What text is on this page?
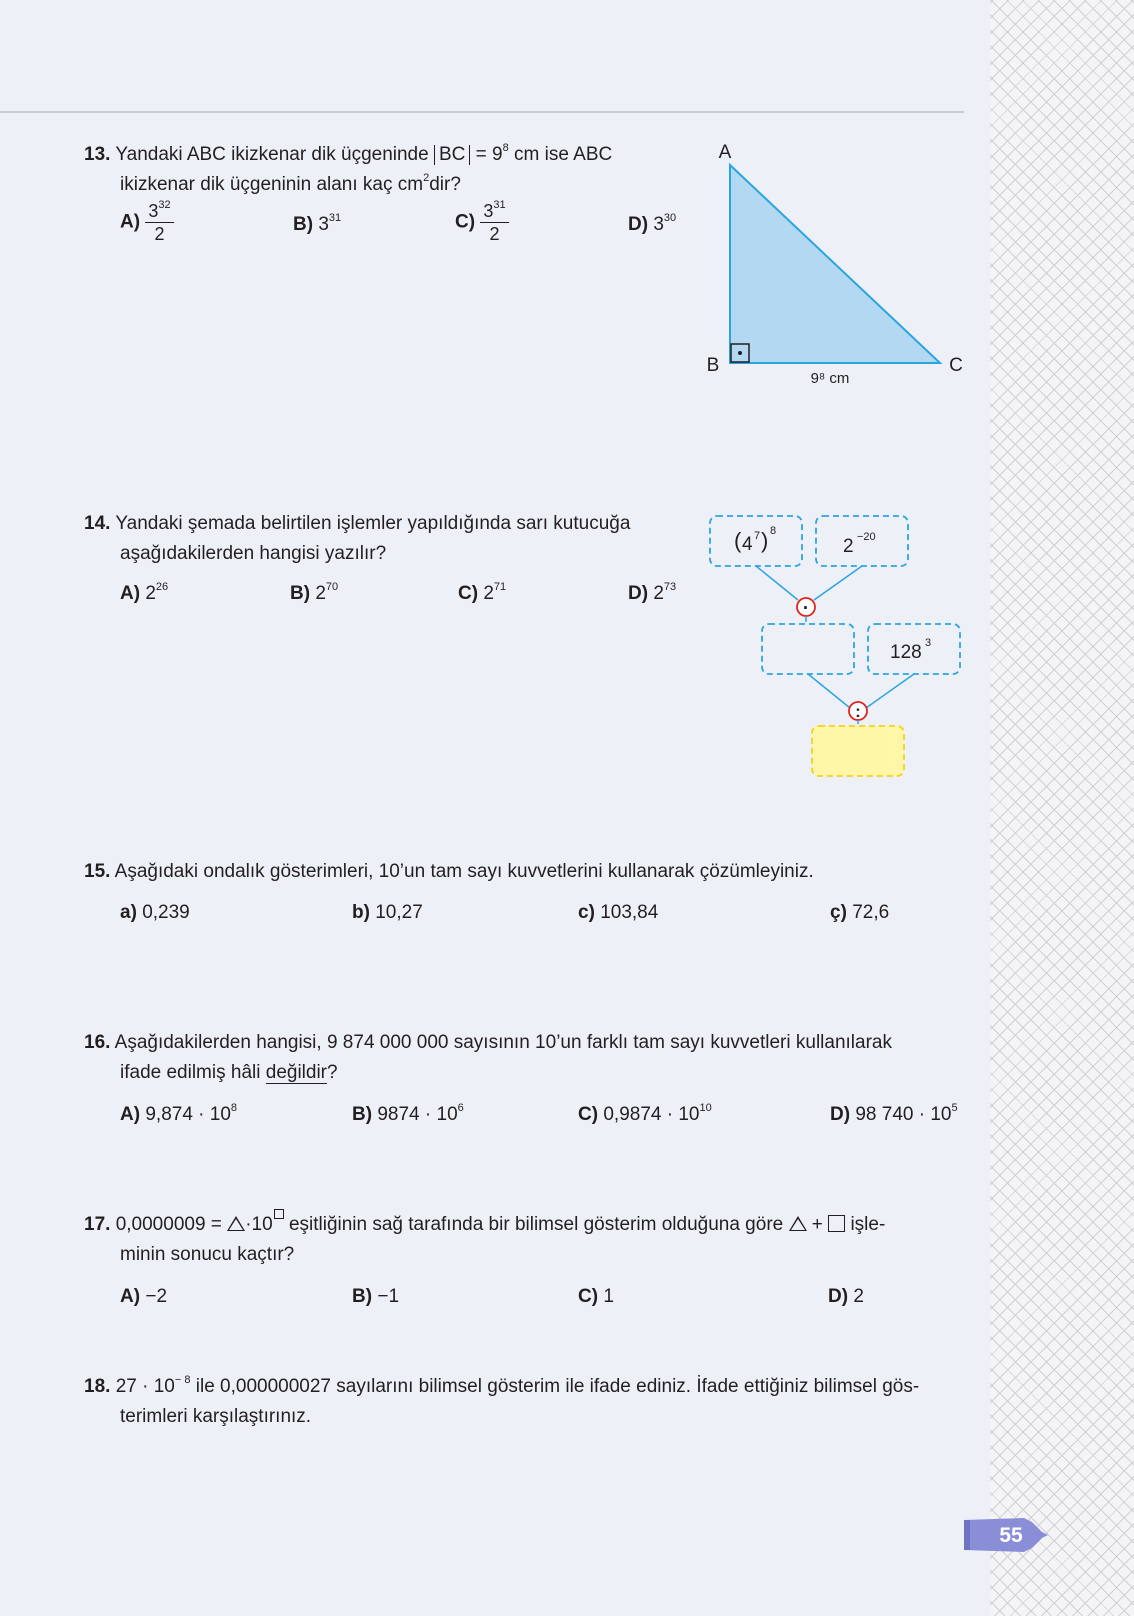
13. Yandaki ABC ikizkenar dik üçgeninde BC = $9^8$ cm ise ABC
ikizkenar dik üçgeninin alanı kaç $cm^2dir$?
$A) \frac{3^{32}}{2}$	B) $3^{31}$	$C) \frac{3^{31}}{2}$	D) $3^{30}$
A
B	C
9⁸ cm
14. Yandaki şemada belirtilen işlemler yapıldığında sarı kutucuğa
aşağıdakilerden hangisi yazılır?
A) $2^{26}$	B) $2^{70}$	C) $2^{71}$	D) $2^{73}$
( 4 7 ) 8
2 −20
·
128 3
:
15. Aşağıdaki ondalık gösterimleri, 10’un tam sayı kuvvetlerini kullanarak çözümleyiniz.
a) 0,239	b) 10,27	c) 103,84	ç) 72,6
16. Aşağıdakilerden hangisi, 9 874 000 000 sayısının 10’un farklı tam sayı kuvvetleri kullanılarak
ifade edilmiş hâli değildir?
A) $9,874 \cdot 10^8$	B) $9874 \cdot 10^6$	C) $0,9874 \cdot 10^{10}$	D) 98 $740 \cdot 10^5$
17. 0,0000009 = ·10 eşitliğinin sağ tarafında bir bilimsel gösterim olduğuna göre + işle-
minin sonucu kaçtır?
A) −2	B) −1	C) 1	D) 2
18. $27 \cdot 10^{- 8}$ ile 0,000000027 sayılarını bilimsel gösterim ile ifade ediniz. İfade ettiğiniz bilimsel gös-
terimleri karşılaştırınız.
55
